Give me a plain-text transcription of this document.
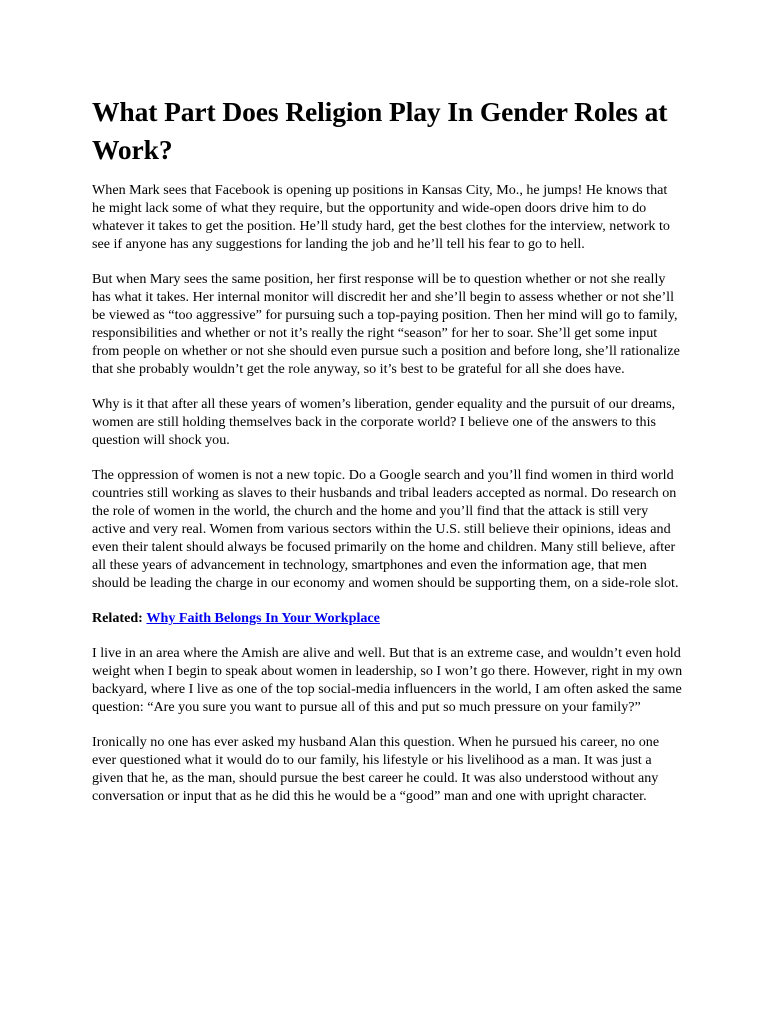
What Part Does Religion Play In Gender Roles at Work?

When Mark sees that Facebook is opening up positions in Kansas City, Mo., he jumps! He knows that he might lack some of what they require, but the opportunity and wide-open doors drive him to do whatever it takes to get the position. He’ll study hard, get the best clothes for the interview, network to see if anyone has any suggestions for landing the job and he’ll tell his fear to go to hell.

But when Mary sees the same position, her first response will be to question whether or not she really has what it takes. Her internal monitor will discredit her and she’ll begin to assess whether or not she’ll be viewed as “too aggressive” for pursuing such a top-paying position. Then her mind will go to family, responsibilities and whether or not it’s really the right “season” for her to soar. She’ll get some input from people on whether or not she should even pursue such a position and before long, she’ll rationalize that she probably wouldn’t get the role anyway, so it’s best to be grateful for all she does have.

Why is it that after all these years of women’s liberation, gender equality and the pursuit of our dreams, women are still holding themselves back in the corporate world? I believe one of the answers to this question will shock you.

The oppression of women is not a new topic. Do a Google search and you’ll find women in third world countries still working as slaves to their husbands and tribal leaders accepted as normal. Do research on the role of women in the world, the church and the home and you’ll find that the attack is still very active and very real. Women from various sectors within the U.S. still believe their opinions, ideas and even their talent should always be focused primarily on the home and children. Many still believe, after all these years of advancement in technology, smartphones and even the information age, that men should be leading the charge in our economy and women should be supporting them, on a side-role slot.

Related: Why Faith Belongs In Your Workplace

I live in an area where the Amish are alive and well. But that is an extreme case, and wouldn’t even hold weight when I begin to speak about women in leadership, so I won’t go there. However, right in my own backyard, where I live as one of the top social-media influencers in the world, I am often asked the same question: “Are you sure you want to pursue all of this and put so much pressure on your family?”

Ironically no one has ever asked my husband Alan this question. When he pursued his career, no one ever questioned what it would do to our family, his lifestyle or his livelihood as a man. It was just a given that he, as the man, should pursue the best career he could. It was also understood without any conversation or input that as he did this he would be a “good” man and one with upright character.
